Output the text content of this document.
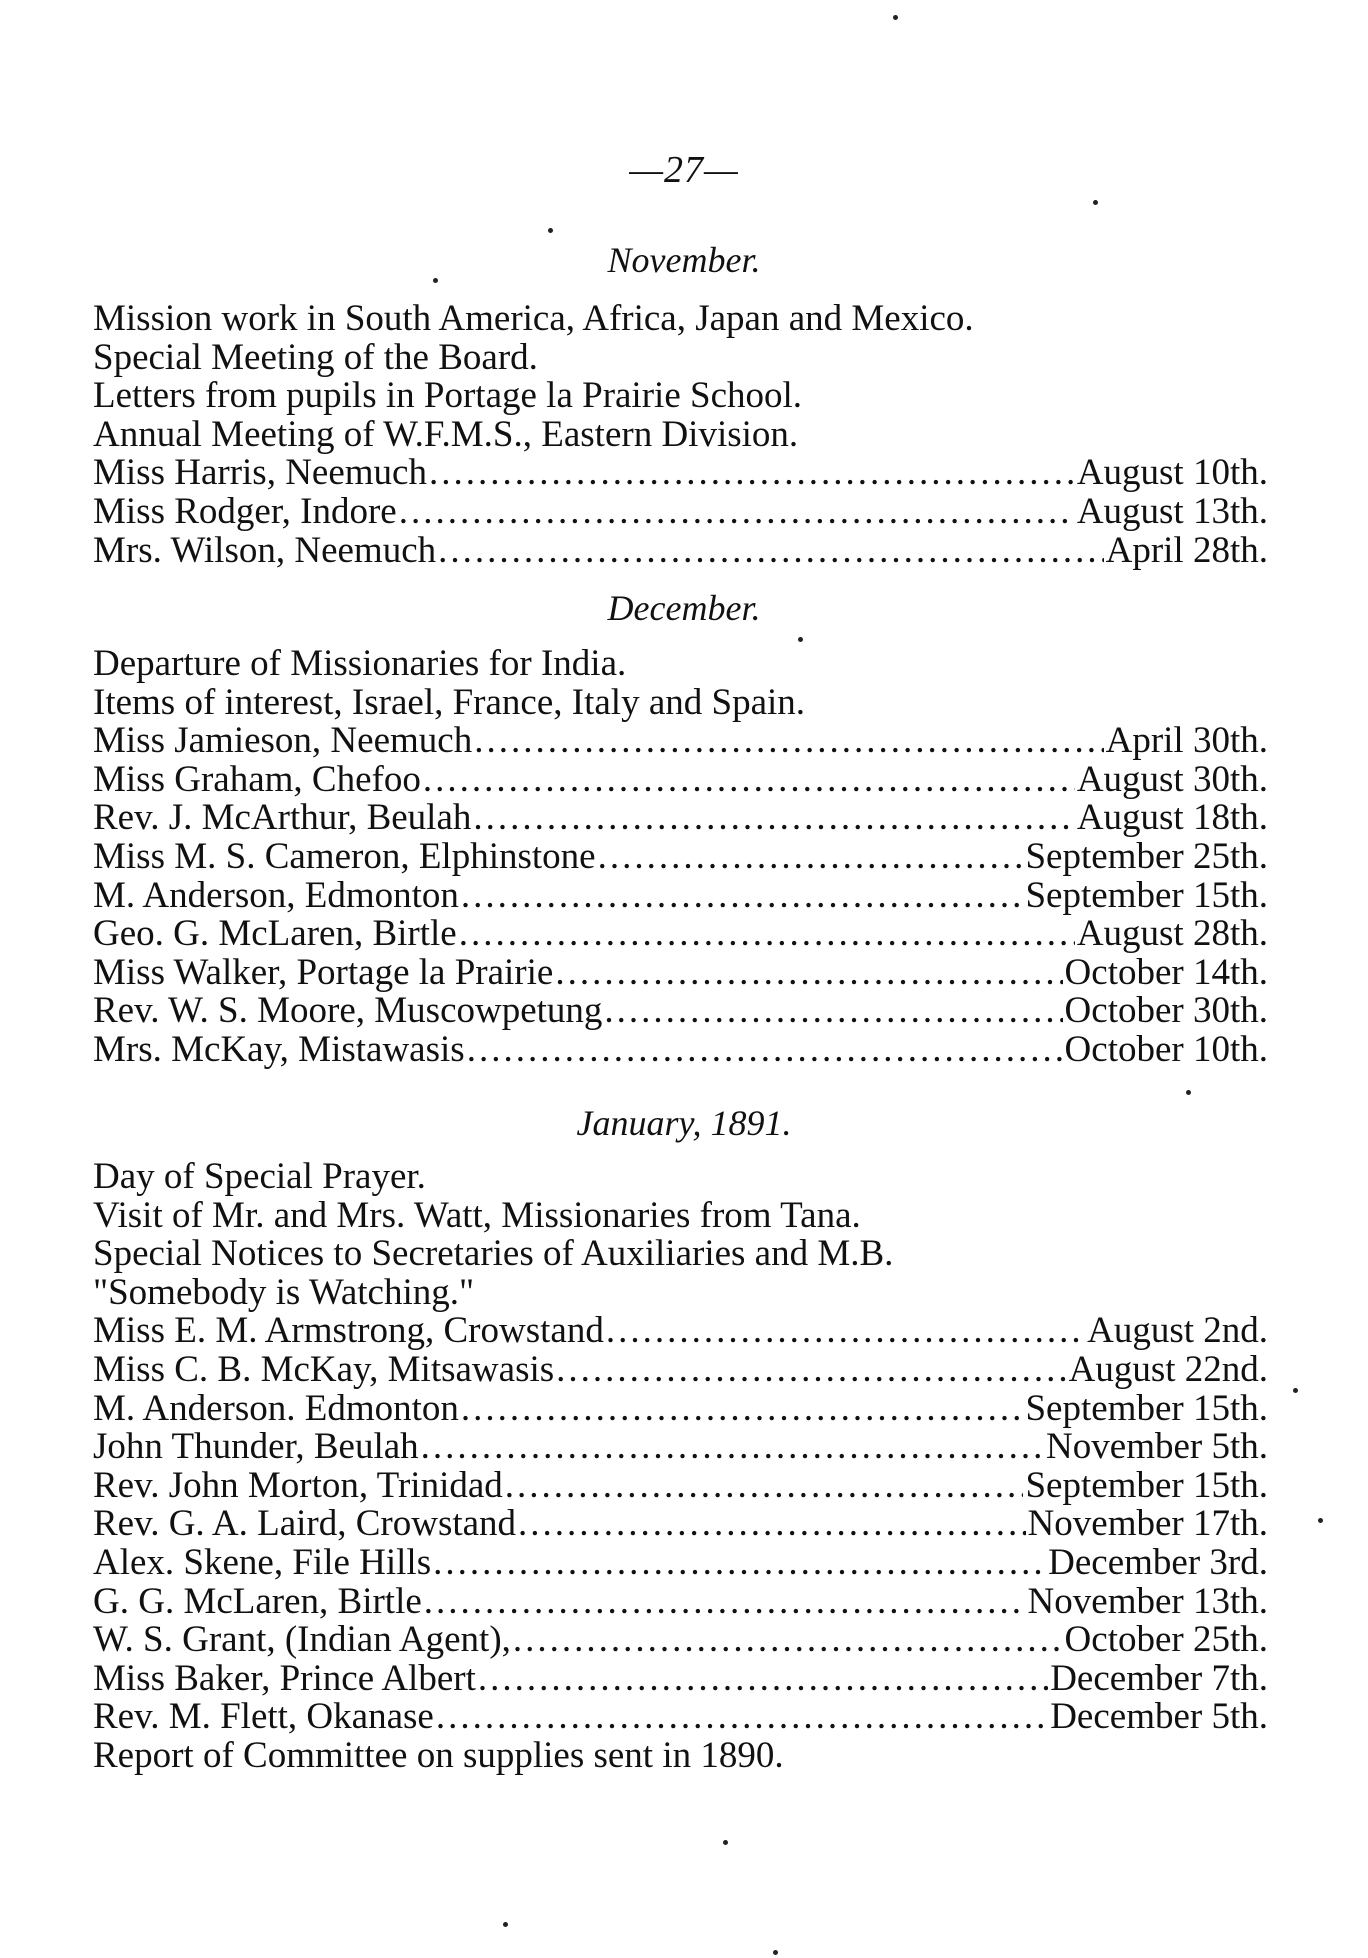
—27—
November.
Mission work in South America, Africa, Japan and Mexico.
Special Meeting of the Board.
Letters from pupils in Portage la Prairie School.
Annual Meeting of W.F.M.S., Eastern Division.
Miss Harris, Neemuch .....	August 10th.
Miss Rodger, Indore .....	August 13th.
Mrs. Wilson, Neemuch .....	April 28th.
December.
Departure of Missionaries for India.
Items of interest, Israel, France, Italy and Spain.
Miss Jamieson, Neemuch .....	April 30th.
Miss Graham, Chefoo .....	August 30th.
Rev. J. McArthur, Beulah .....	August 18th.
Miss M. S. Cameron, Elphinstone .....	September 25th.
M. Anderson, Edmonton .....	September 15th.
Geo. G. McLaren, Birtle .....	August 28th.
Miss Walker, Portage la Prairie .....	October 14th.
Rev. W. S. Moore, Muscowpetung .....	October 30th.
Mrs. McKay, Mistawasis .....	October 10th.
January, 1891.
Day of Special Prayer.
Visit of Mr. and Mrs. Watt, Missionaries from Tana.
Special Notices to Secretaries of Auxiliaries and M.B.
"Somebody is Watching."
Miss E. M. Armstrong, Crowstand .....	August 2nd.
Miss C. B. McKay, Mitsawasis .....	August 22nd.
M. Anderson. Edmonton .....	September 15th.
John Thunder, Beulah .....	November 5th.
Rev. John Morton, Trinidad .....	September 15th.
Rev. G. A. Laird, Crowstand .....	November 17th.
Alex. Skene, File Hills .....	December 3rd.
G. G. McLaren, Birtle .....	November 13th.
W. S. Grant, (Indian Agent), .....	October 25th.
Miss Baker, Prince Albert .....	December 7th.
Rev. M. Flett, Okanase .....	December 5th.
Report of Committee on supplies sent in 1890.
